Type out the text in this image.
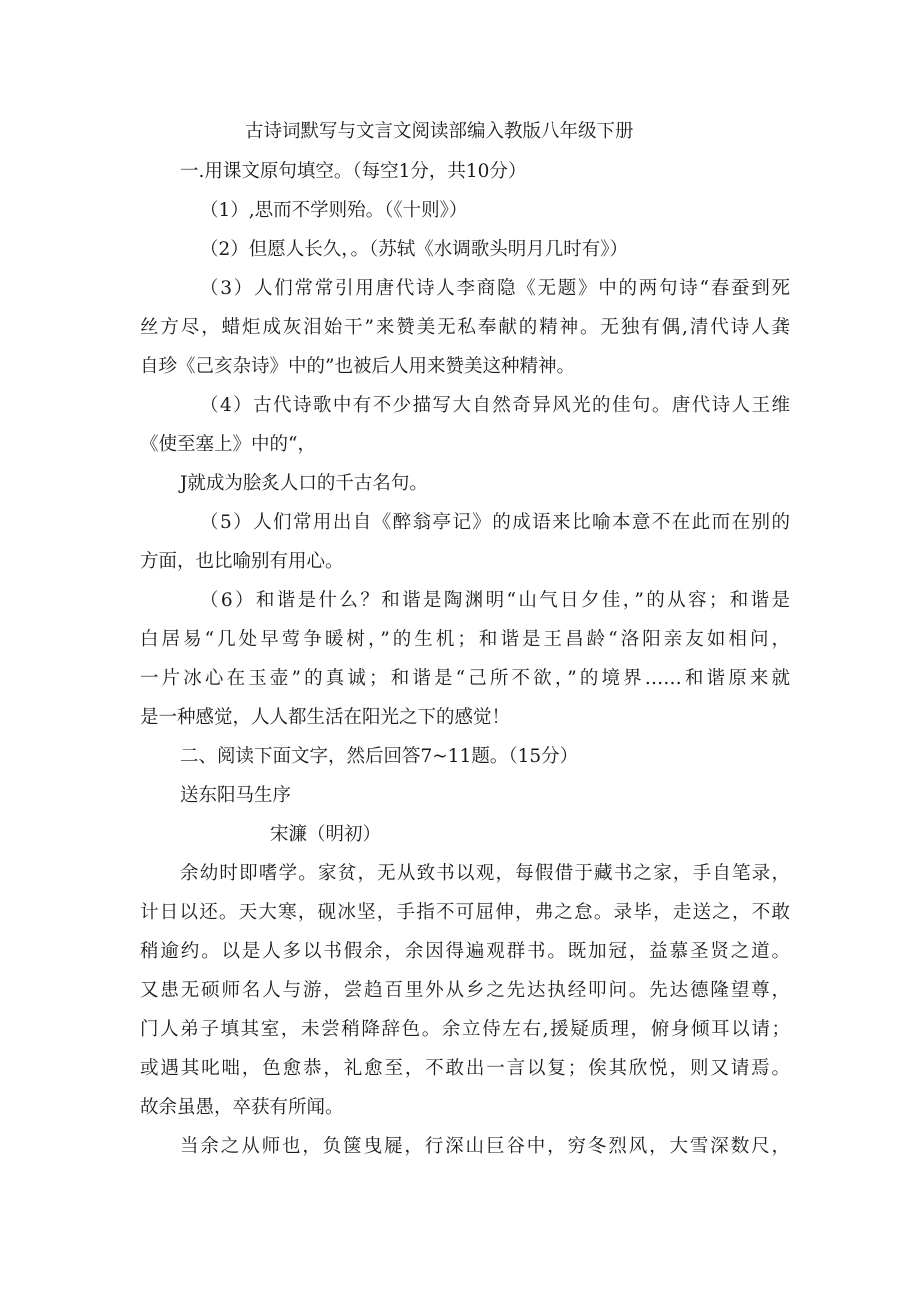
古诗词默写与文言文阅读部编入教版八年级下册
一.用课文原句填空。（每空1分，共10分）
（1）,思而不学则殆。（《十则》）
（2）但愿人长久，。（苏轼《水调歌头明月几时有》）
（3）人们常常引用唐代诗人李商隐《无题》中的两句诗“春蚕到死
丝方尽，蜡炬成灰泪始干”来赞美无私奉献的精神。无独有偶,清代诗人龚
自珍《己亥杂诗》中的”也被后人用来赞美这种精神。
（4）古代诗歌中有不少描写大自然奇异风光的佳句。唐代诗人王维
《使至塞上》中的“，
J就成为脍炙人口的千古名句。
（5）人们常用出自《醉翁亭记》的成语来比喻本意不在此而在别的
方面，也比喻别有用心。
（6）和谐是什么？和谐是陶渊明“山气日夕佳，”的从容；和谐是
白居易“几处早莺争暖树，”的生机；和谐是王昌龄“洛阳亲友如相问，
一片冰心在玉壶”的真诚；和谐是“己所不欲，”的境界……和谐原来就
是一种感觉，人人都生活在阳光之下的感觉！
二、阅读下面文字，然后回答7~11题。（15分）
送东阳马生序
宋濂（明初）
余幼时即嗜学。家贫，无从致书以观，每假借于藏书之家，手自笔录，
计日以还。天大寒，砚冰坚，手指不可屈伸，弗之怠。录毕，走送之，不敢
稍逾约。以是人多以书假余，余因得遍观群书。既加冠，益慕圣贤之道。
又患无硕师名人与游，尝趋百里外从乡之先达执经叩问。先达德隆望尊，
门人弟子填其室，未尝稍降辞色。余立侍左右,援疑质理，俯身倾耳以请；
或遇其叱咄，色愈恭，礼愈至，不敢出一言以复；俟其欣悦，则又请焉。
故余虽愚，卒获有所闻。
当余之从师也，负箧曳屣，行深山巨谷中，穷冬烈风，大雪深数尺，
